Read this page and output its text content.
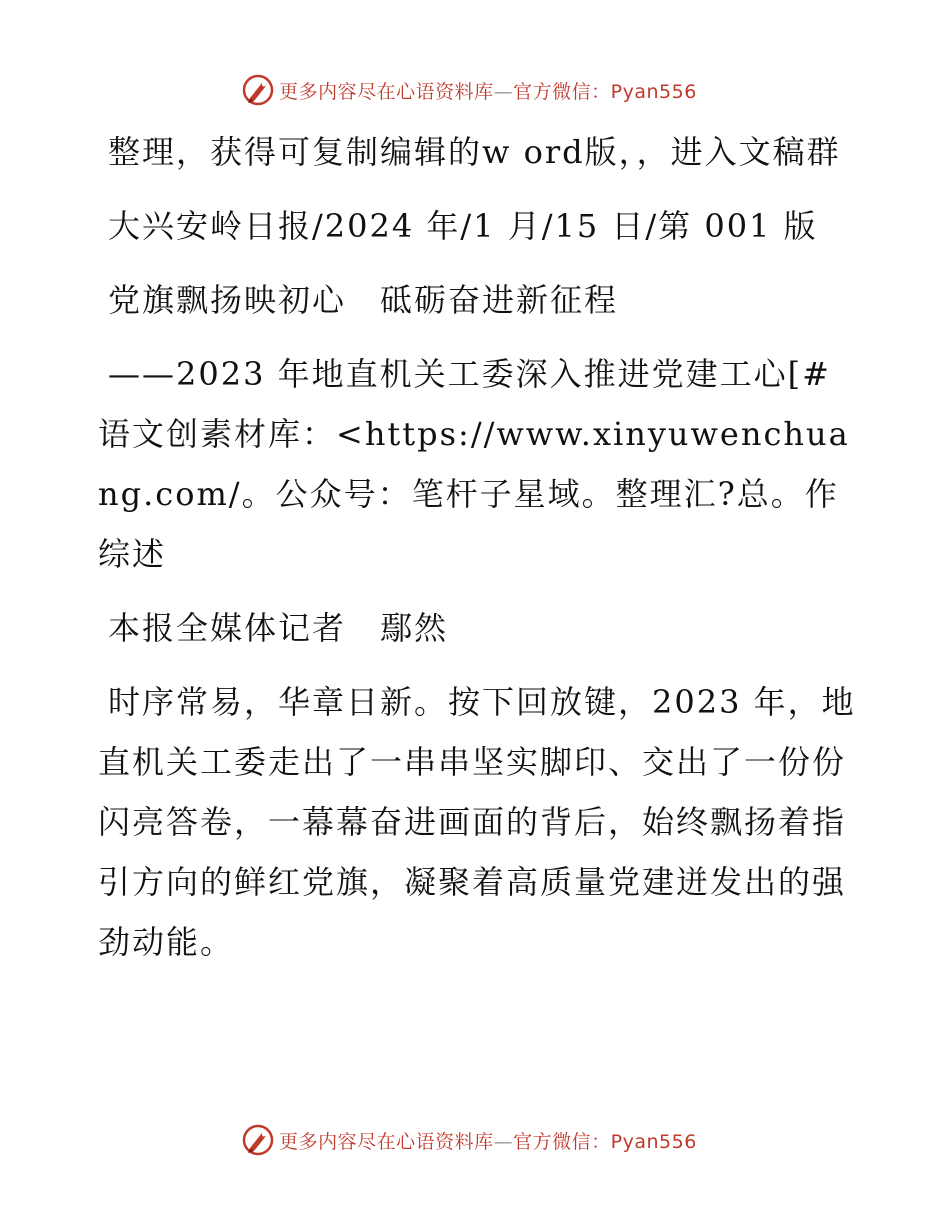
更多内容尽在心语资料库—官方微信：Pyan556

整理，获得可复制编辑的w ord版，，进入文稿群

大兴安岭日报/2024 年/1 月/15 日/第 001 版

党旗飘扬映初心　砥砺奋进新征程

——2023 年地直机关工委深入推进党建工心[#语文创素材库：<https://www.xinyuwenchuang.com/。公众号：笔杆子星域。整理汇?总。作综述

本报全媒体记者　鄢然

时序常易，华章日新。按下回放键，2023 年，地直机关工委走出了一串串坚实脚印、交出了一份份闪亮答卷，一幕幕奋进画面的背后，始终飘扬着指引方向的鲜红党旗，凝聚着高质量党建迸发出的强劲动能。

更多内容尽在心语资料库—官方微信：Pyan556
